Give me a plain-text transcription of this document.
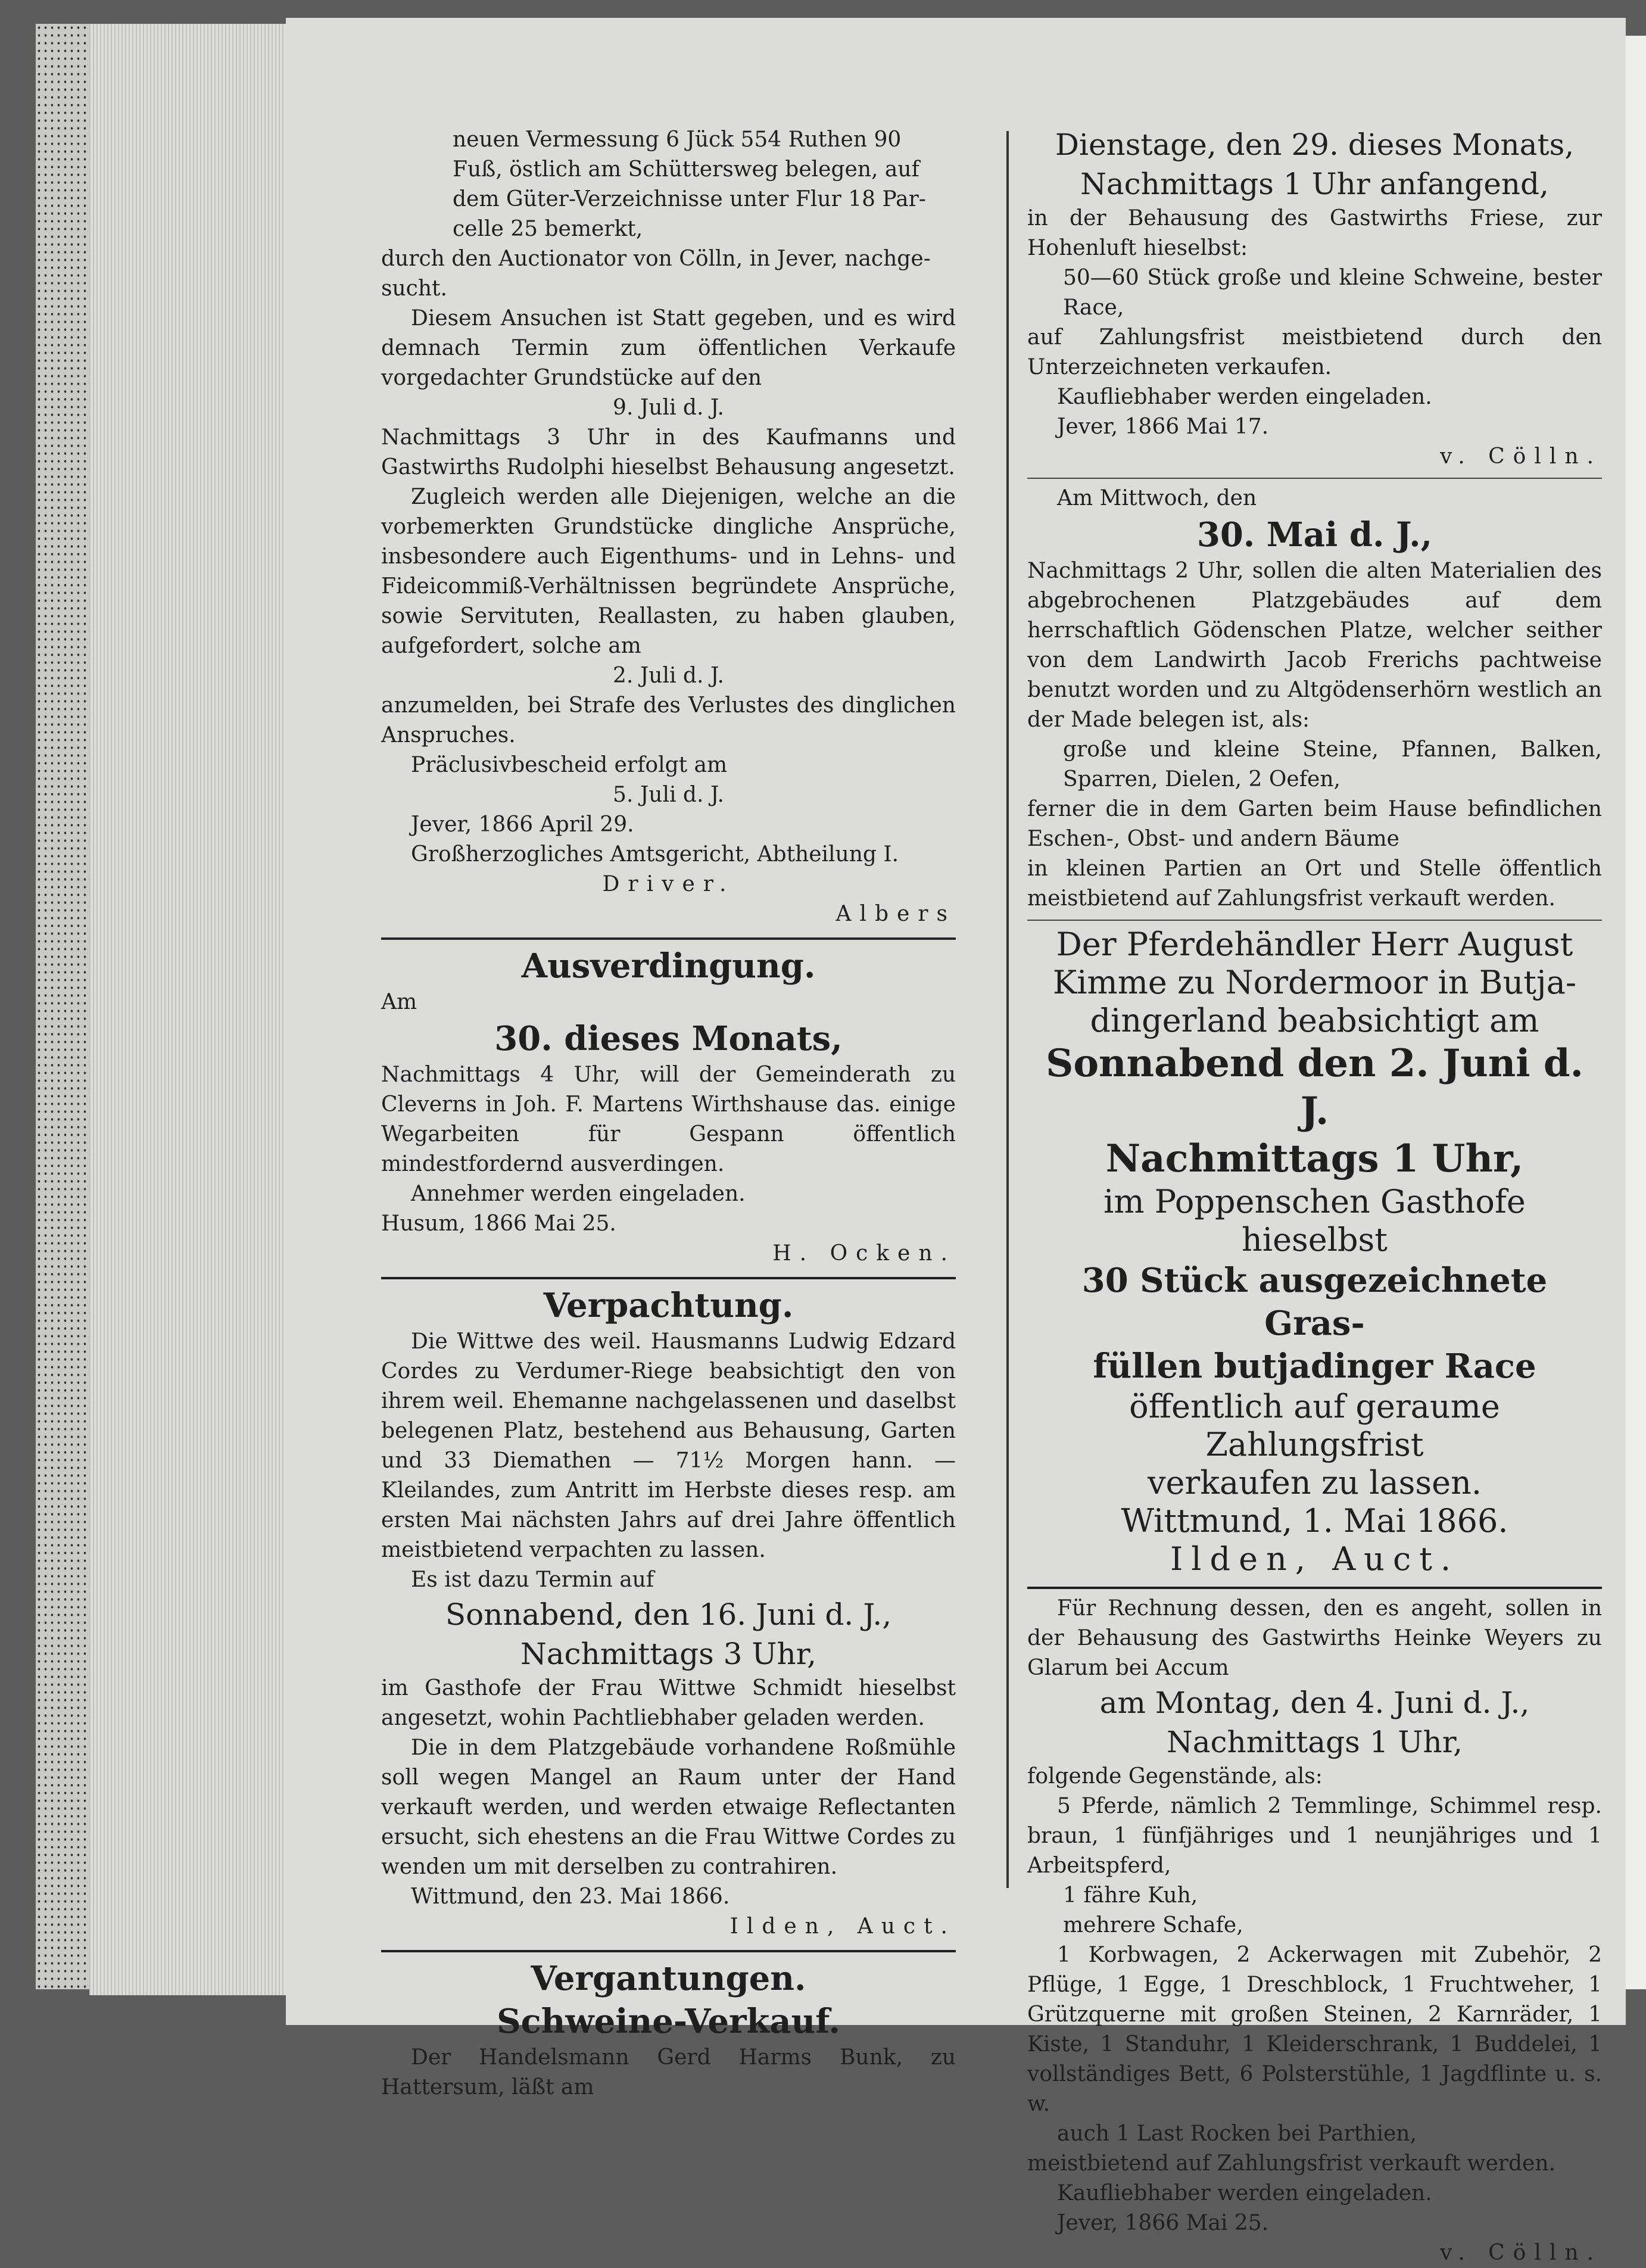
neuen Vermessung 6 Jück 554 Ruthen 90

Fuß, östlich am Schüttersweg belegen, auf

dem Güter-Verzeichnisse unter Flur 18 Par-

celle 25 bemerkt,

durch den Auctionator von Cölln, in Jever, nachge-

sucht.

Diesem Ansuchen ist Statt gegeben, und es wird demnach Termin zum öffentlichen Verkaufe vorgedachter Grundstücke auf den

9. Juli d. J.

Nachmittags 3 Uhr in des Kaufmanns und Gastwirths Rudolphi hieselbst Behausung angesetzt.

Zugleich werden alle Diejenigen, welche an die vorbemerkten Grundstücke dingliche Ansprüche, insbesondere auch Eigenthums- und in Lehns- und Fideicommiß-Verhältnissen begründete Ansprüche, sowie Servituten, Reallasten, zu haben glauben, aufgefordert, solche am

2. Juli d. J.

anzumelden, bei Strafe des Verlustes des dinglichen Anspruches.

Präclusivbescheid erfolgt am

5. Juli d. J.

Jever, 1866 April 29.

Großherzogliches Amtsgericht, Abtheilung I.

Driver.

Albers

Ausverdingung.

Am

30. dieses Monats,

Nachmittags 4 Uhr, will der Gemeinderath zu Cleverns in Joh. F. Martens Wirthshause das. einige Wegarbeiten für Gespann öffentlich mindestfordernd ausverdingen.

Annehmer werden eingeladen.

Husum, 1866 Mai 25.

H. Ocken.

Verpachtung.

Die Wittwe des weil. Hausmanns Ludwig Edzard Cordes zu Verdumer-Riege beabsichtigt den von ihrem weil. Ehemanne nachgelassenen und daselbst belegenen Platz, bestehend aus Behausung, Garten und 33 Diemathen — 71½ Morgen hann. — Kleilandes, zum Antritt im Herbste dieses resp. am ersten Mai nächsten Jahrs auf drei Jahre öffentlich meistbietend verpachten zu lassen.

Es ist dazu Termin auf

Sonnabend, den 16. Juni d. J.,

Nachmittags 3 Uhr,

im Gasthofe der Frau Wittwe Schmidt hieselbst angesetzt, wohin Pachtliebhaber geladen werden.

Die in dem Platzgebäude vorhandene Roßmühle soll wegen Mangel an Raum unter der Hand verkauft werden, und werden etwaige Reflectanten ersucht, sich ehestens an die Frau Wittwe Cordes zu wenden um mit derselben zu contrahiren.

Wittmund, den 23. Mai 1866.

Ilden, Auct.

Vergantungen.

Schweine-Verkauf.

Der Handelsmann Gerd Harms Bunk, zu Hattersum, läßt am

Dienstage, den 29. dieses Monats,

Nachmittags 1 Uhr anfangend,

in der Behausung des Gastwirths Friese, zur Hohenluft hieselbst:

50—60 Stück große und kleine Schweine, bester Race,

auf Zahlungsfrist meistbietend durch den Unterzeichneten verkaufen.

Kaufliebhaber werden eingeladen.

Jever, 1866 Mai 17.

v. Cölln.

Am Mittwoch, den

30. Mai d. J.,

Nachmittags 2 Uhr, sollen die alten Materialien des abgebrochenen Platzgebäudes auf dem herrschaftlich Gödenschen Platze, welcher seither von dem Landwirth Jacob Frerichs pachtweise benutzt worden und zu Altgödenserhörn westlich an der Made belegen ist, als:

große und kleine Steine, Pfannen, Balken, Sparren, Dielen, 2 Oefen,

ferner die in dem Garten beim Hause befindlichen Eschen-, Obst- und andern Bäume

in kleinen Partien an Ort und Stelle öffentlich meistbietend auf Zahlungsfrist verkauft werden.

Der Pferdehändler Herr August

Kimme zu Nordermoor in Butja-

dingerland beabsichtigt am

Sonnabend den 2. Juni d. J.

Nachmittags 1 Uhr,

im Poppenschen Gasthofe hieselbst

30 Stück ausgezeichnete Gras-

füllen butjadinger Race

öffentlich auf geraume Zahlungsfrist

verkaufen zu lassen.

Wittmund, 1. Mai 1866.

Ilden, Auct.

Für Rechnung dessen, den es angeht, sollen in der Behausung des Gastwirths Heinke Weyers zu Glarum bei Accum

am Montag, den 4. Juni d. J.,

Nachmittags 1 Uhr,

folgende Gegenstände, als:

5 Pferde, nämlich 2 Temmlinge, Schimmel resp. braun, 1 fünfjähriges und 1 neunjähriges und 1 Arbeitspferd,

1 fähre Kuh,

mehrere Schafe,

1 Korbwagen, 2 Ackerwagen mit Zubehör, 2 Pflüge, 1 Egge, 1 Dreschblock, 1 Fruchtweher, 1 Grützquerne mit großen Steinen, 2 Karnräder, 1 Kiste, 1 Standuhr, 1 Kleiderschrank, 1 Buddelei, 1 vollständiges Bett, 6 Polsterstühle, 1 Jagdflinte u. s. w.

auch 1 Last Rocken bei Parthien,

meistbietend auf Zahlungsfrist verkauft werden.

Kaufliebhaber werden eingeladen.

Jever, 1866 Mai 25.

v. Cölln.
